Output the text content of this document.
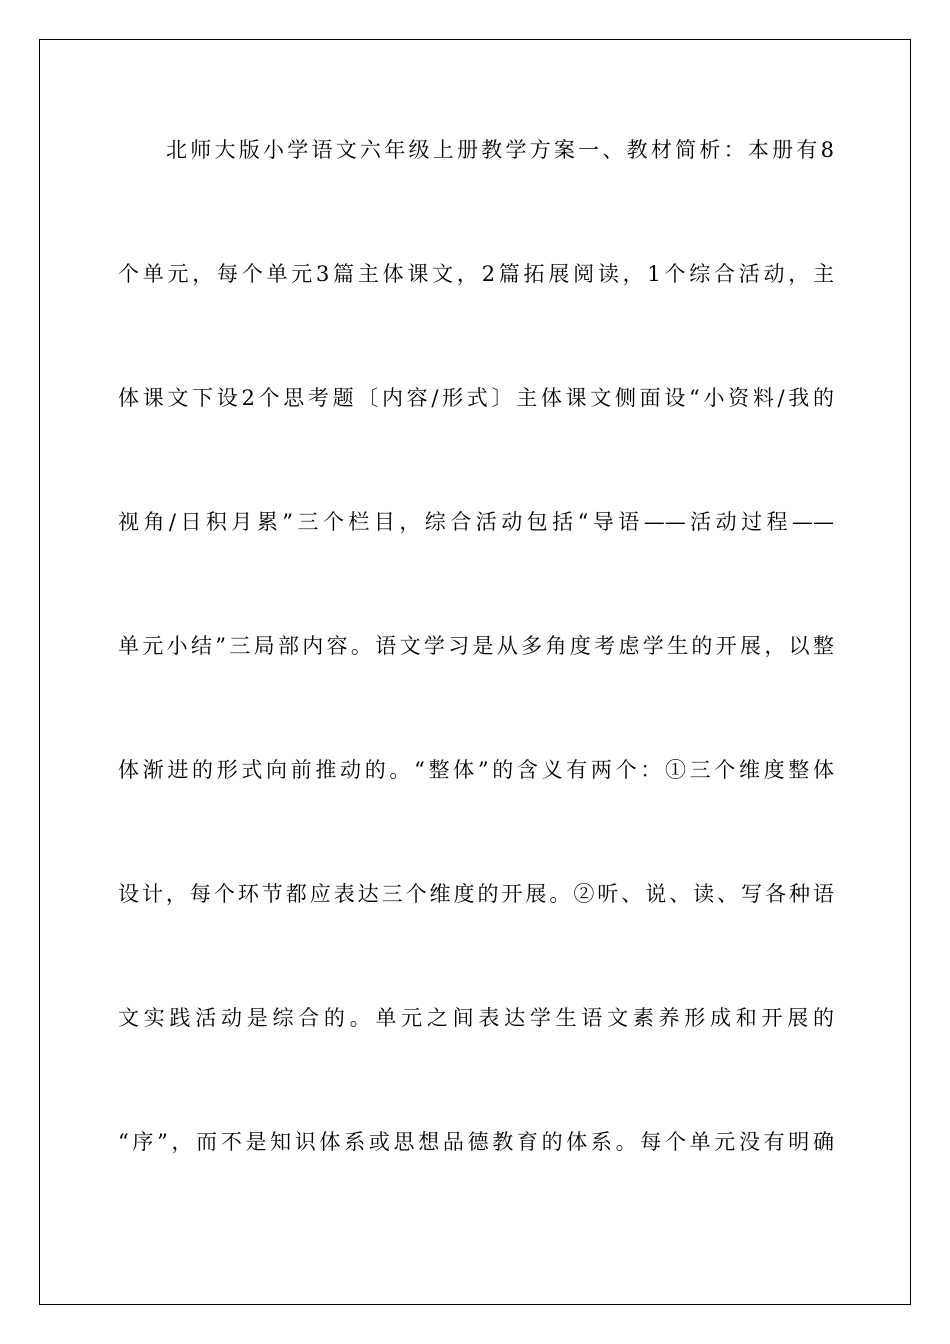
北师大版小学语文六年级上册教学方案一、教材简析：本册有8
个单元，每个单元3篇主体课文，2篇拓展阅读，1个综合活动，主
体课文下设2个思考题〔内容/形式〕主体课文侧面设“小资料/我的
视角/日积月累”三个栏目，综合活动包括“导语——活动过程——
单元小结”三局部内容。语文学习是从多角度考虑学生的开展，以整
体渐进的形式向前推动的。“整体”的含义有两个：①三个维度整体
设计，每个环节都应表达三个维度的开展。②听、说、读、写各种语
文实践活动是综合的。单元之间表达学生语文素养形成和开展的
“序”，而不是知识体系或思想品德教育的体系。每个单元没有明确
